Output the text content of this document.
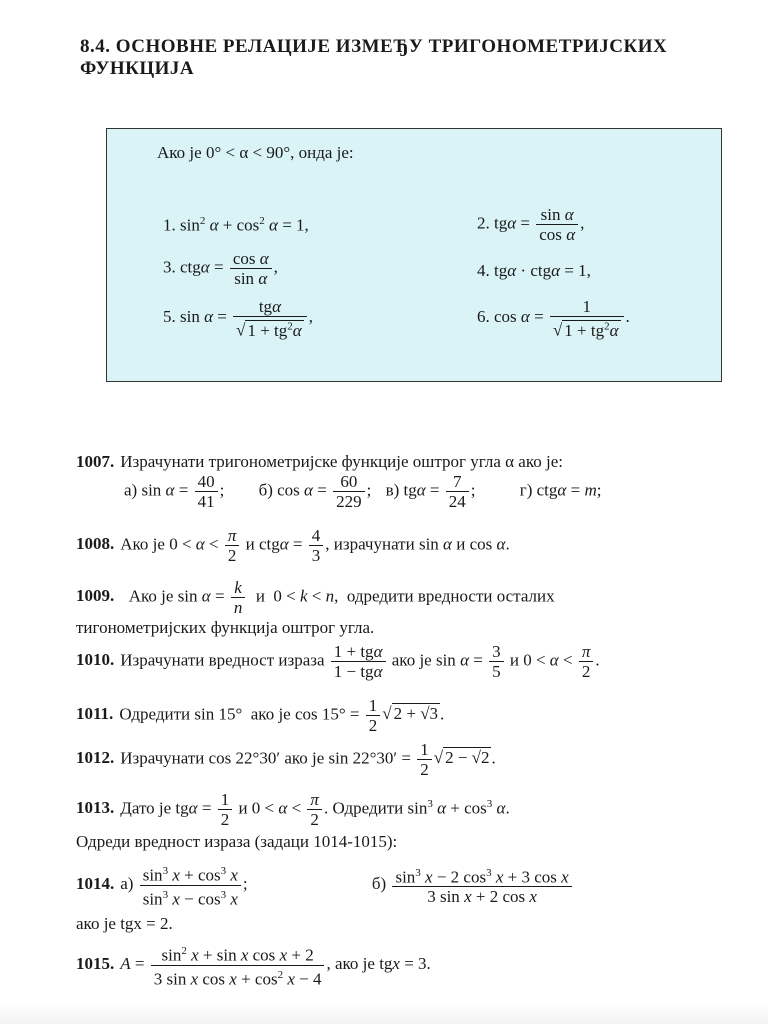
8.4. ОСНОВНЕ РЕЛАЦИЈЕ ИЗМЕЂУ ТРИГОНОМЕТРИЈСКИХ
ФУНКЦИЈА
Ако је 0° < α < 90°, онда је:
1. $\sin^2 \alpha + \cos^2 \alpha = 1$,	2. $tg\alpha = \frac{\text{sin α}}{\text{cos α}}$ ,
3. $ctg\alpha = \frac{\text{cos α}}{\text{sin α}}$ ,	4. tgα · ctgα = 1,
5. $\sin \alpha = \frac{\text{tgα}}{√ 1 + tg^2\alpha}$ ,	6. $\cos \alpha = \frac{1}{√ 1 + tg^2\alpha}$ .
1007. Израчунати тригонометријске функције оштрог угла α ако је:
а) $\sin \alpha = \frac{40}{41}$ ; б) $\cos \alpha = \frac{60}{229}$ ; в) $tg\alpha = \frac{7}{24}$ ; г) ctgα = m;
1008. Ако је $0 < \alpha < \frac{\pi}{2}$ и $ctg\alpha = \frac{4}{3}$ , израчунати sin α и cos α.
1009.  Ако је $\sin \alpha = \frac{k}{n}$ и  0 < k < n,  одредити вредности осталих
тигонометријских функција оштрог угла.
1010. Израчунати вредност израза $\frac{\text{1 + tgα}}{\text{1 − tgα}}$ ако је $\sin \alpha = \frac{3}{5}$ и $0 < \alpha < \frac{\pi}{2}$ .
1011. Одредити sin 15°  ако је $\cos 15^\circ = \frac{1}{2}$ √ 2 + √3 .
1012. Израчунати cos 22°30′ ако је $\sin 22^\circ 30' = \frac{1}{2}$ √ 2 − √2 .
1013. Дато је $tg\alpha = \frac{1}{2}$ и $0 < \alpha < \frac{\pi}{2}$ . Одредити $\sin^3 \alpha + \cos^3 \alpha$.
Одреди вредност израза (задаци 1014-1015):
1014. $а) \frac{\sin^3 x + \cos^3 x}{\sin^3 x - \cos^3 x}$ ;	$б) \frac{\sin^3 x - 2 \cos^3 x + 3 \cos x}{\text{3 sin x + 2 cos x}}$
ако је tgx = 2.
1015. $A = \frac{\sin^2 x + \sin x \cos x + 2}{3 \sin x \cos x + \cos^2 x - 4}$ , ако је tgx = 3.
